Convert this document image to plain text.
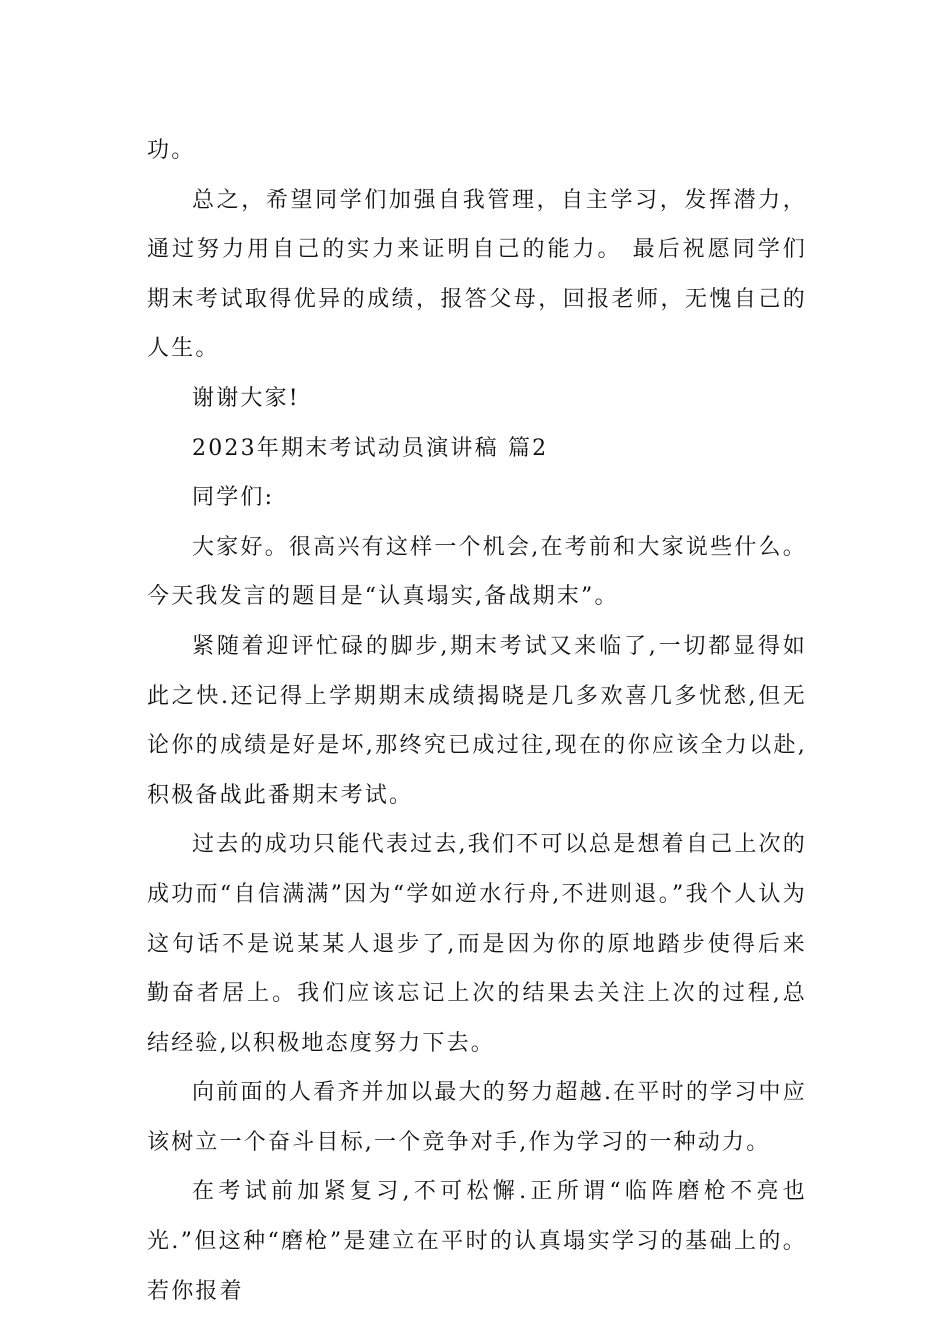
功。

总之，希望同学们加强自我管理，自主学习，发挥潜力，通过努力用自己的实力来证明自己的能力。 最后祝愿同学们期末考试取得优异的成绩，报答父母，回报老师，无愧自己的人生。

谢谢大家!

2023年期末考试动员演讲稿 篇2

同学们:

大家好。很高兴有这样一个机会,在考前和大家说些什么。今天我发言的题目是“认真塌实,备战期末”。

紧随着迎评忙碌的脚步,期末考试又来临了,一切都显得如此之快.还记得上学期期末成绩揭晓是几多欢喜几多忧愁,但无论你的成绩是好是坏,那终究已成过往,现在的你应该全力以赴,积极备战此番期末考试。

过去的成功只能代表过去,我们不可以总是想着自己上次的成功而“自信满满”因为“学如逆水行舟,不进则退。”我个人认为这句话不是说某某人退步了,而是因为你的原地踏步使得后来勤奋者居上。我们应该忘记上次的结果去关注上次的过程,总结经验,以积极地态度努力下去。

向前面的人看齐并加以最大的努力超越.在平时的学习中应该树立一个奋斗目标,一个竞争对手,作为学习的一种动力。

在考试前加紧复习,不可松懈.正所谓“临阵磨枪不亮也光.”但这种“磨枪”是建立在平时的认真塌实学习的基础上的。若你报着
